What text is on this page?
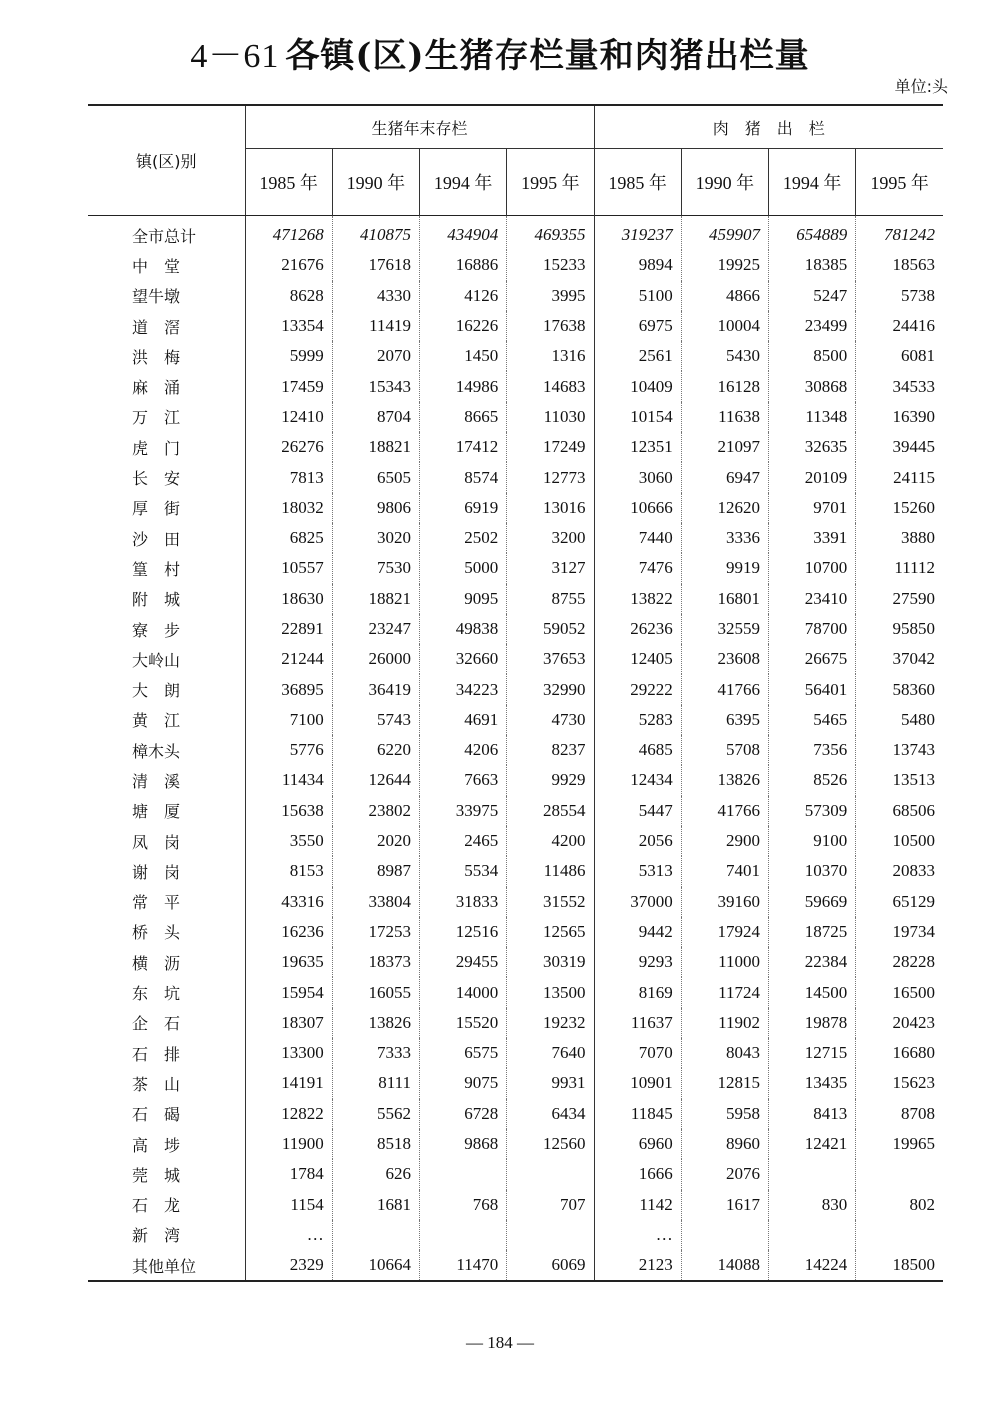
4－61 各镇(区)生猪存栏量和肉猪出栏量
单位:头
镇(区)别	生猪年末存栏				肉　猪　出　栏			
	1985 年	1990 年	1994 年	1995 年	1985 年	1990 年	1994 年	1995 年
全市总计	471268	410875	434904	469355	319237	459907	654889	781242
中　堂	21676	17618	16886	15233	9894	19925	18385	18563
望牛墩	8628	4330	4126	3995	5100	4866	5247	5738
道　滘	13354	11419	16226	17638	6975	10004	23499	24416
洪　梅	5999	2070	1450	1316	2561	5430	8500	6081
麻　涌	17459	15343	14986	14683	10409	16128	30868	34533
万　江	12410	8704	8665	11030	10154	11638	11348	16390
虎　门	26276	18821	17412	17249	12351	21097	32635	39445
长　安	7813	6505	8574	12773	3060	6947	20109	24115
厚　街	18032	9806	6919	13016	10666	12620	9701	15260
沙　田	6825	3020	2502	3200	7440	3336	3391	3880
篁　村	10557	7530	5000	3127	7476	9919	10700	11112
附　城	18630	18821	9095	8755	13822	16801	23410	27590
寮　步	22891	23247	49838	59052	26236	32559	78700	95850
大岭山	21244	26000	32660	37653	12405	23608	26675	37042
大　朗	36895	36419	34223	32990	29222	41766	56401	58360
黄　江	7100	5743	4691	4730	5283	6395	5465	5480
樟木头	5776	6220	4206	8237	4685	5708	7356	13743
清　溪	11434	12644	7663	9929	12434	13826	8526	13513
塘　厦	15638	23802	33975	28554	5447	41766	57309	68506
凤　岗	3550	2020	2465	4200	2056	2900	9100	10500
谢　岗	8153	8987	5534	11486	5313	7401	10370	20833
常　平	43316	33804	31833	31552	37000	39160	59669	65129
桥　头	16236	17253	12516	12565	9442	17924	18725	19734
横　沥	19635	18373	29455	30319	9293	11000	22384	28228
东　坑	15954	16055	14000	13500	8169	11724	14500	16500
企　石	18307	13826	15520	19232	11637	11902	19878	20423
石　排	13300	7333	6575	7640	7070	8043	12715	16680
茶　山	14191	8111	9075	9931	10901	12815	13435	15623
石　碣	12822	5562	6728	6434	11845	5958	8413	8708
高　埗	11900	8518	9868	12560	6960	8960	12421	19965
莞　城	1784	626			1666	2076		
石　龙	1154	1681	768	707	1142	1617	830	802
新　湾	…				…			
其他单位	2329	10664	11470	6069	2123	14088	14224	18500
— 184 —
